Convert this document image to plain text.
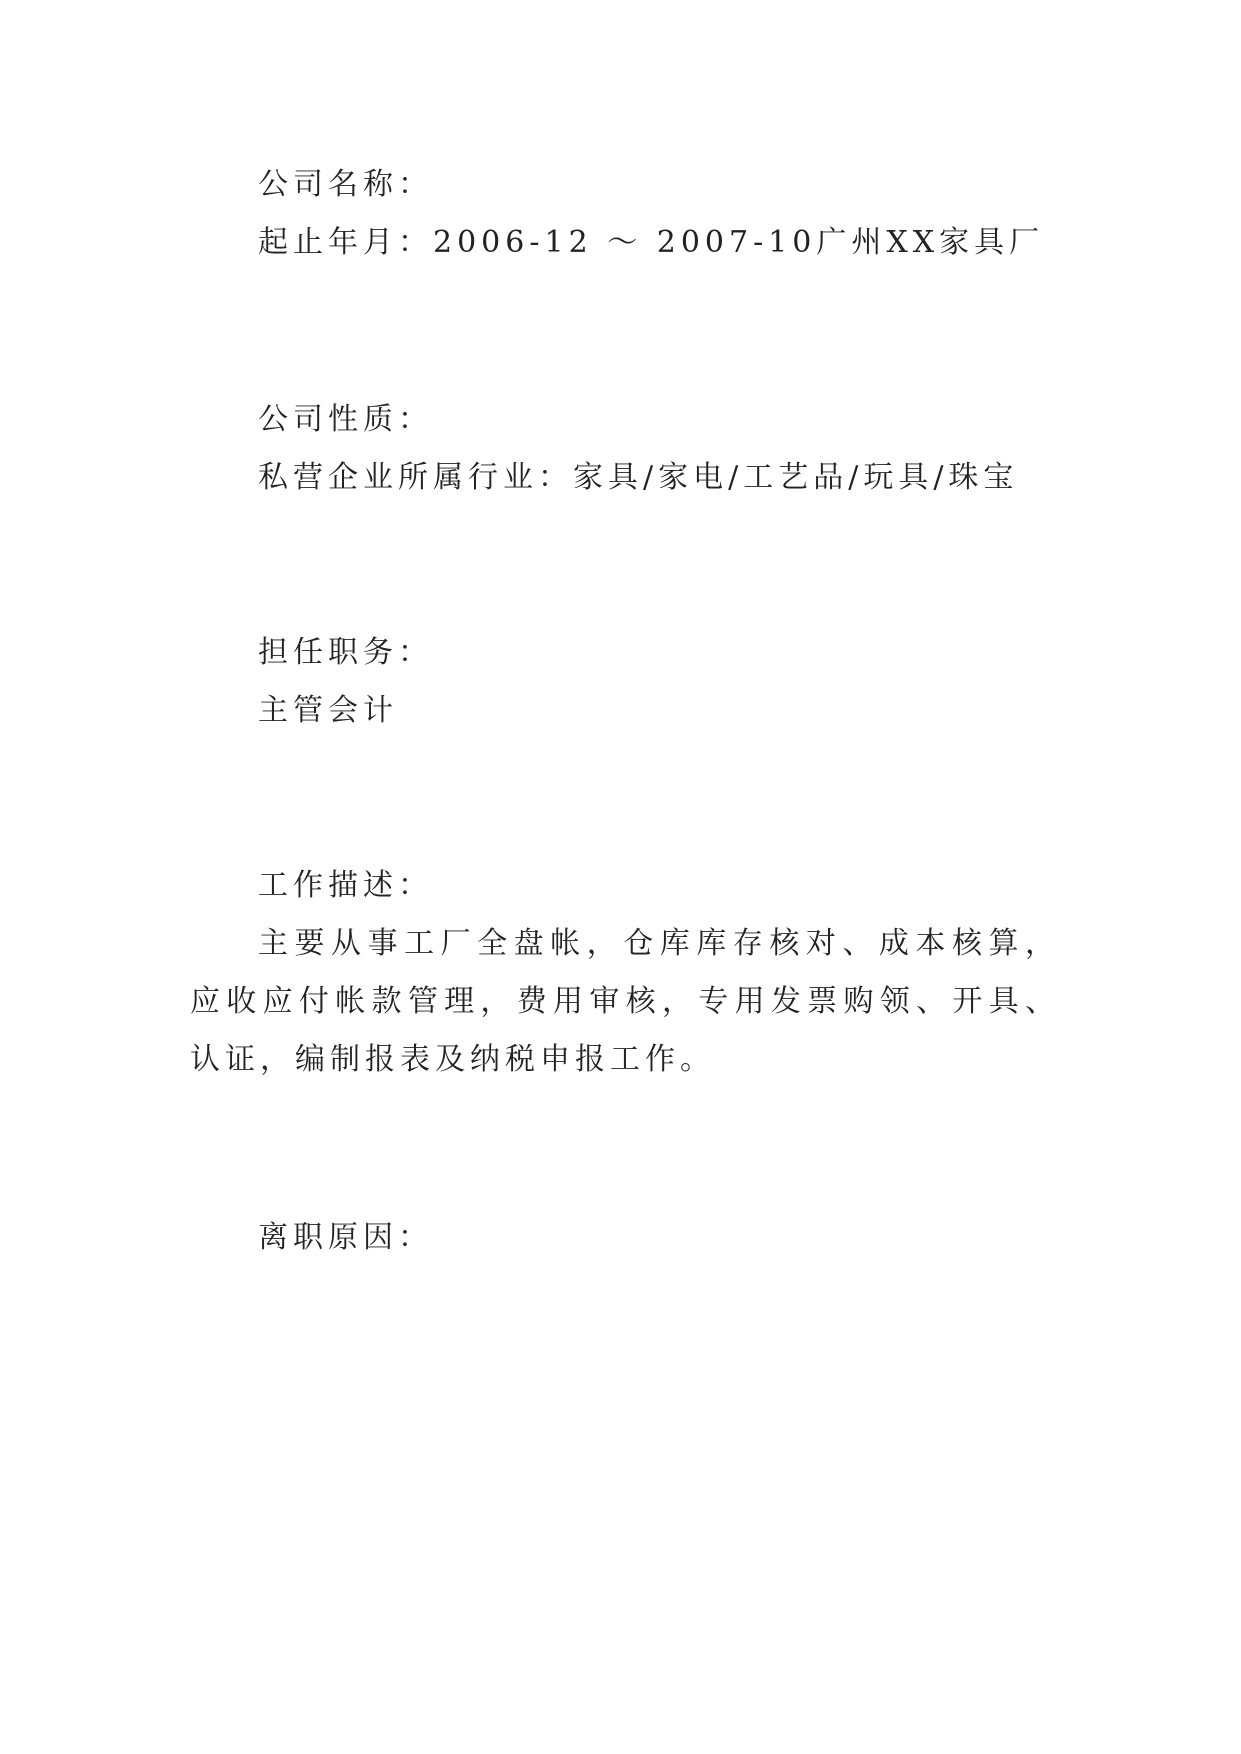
公司名称：

起止年月：2006-12 ～ 2007-10广州XX家具厂

公司性质：

私营企业所属行业：家具/家电/工艺品/玩具/珠宝

担任职务：

主管会计

工作描述：

主要从事工厂全盘帐，仓库库存核对、成本核算，应收应付帐款管理，费用审核，专用发票购领、开具、认证，编制报表及纳税申报工作。

离职原因：
